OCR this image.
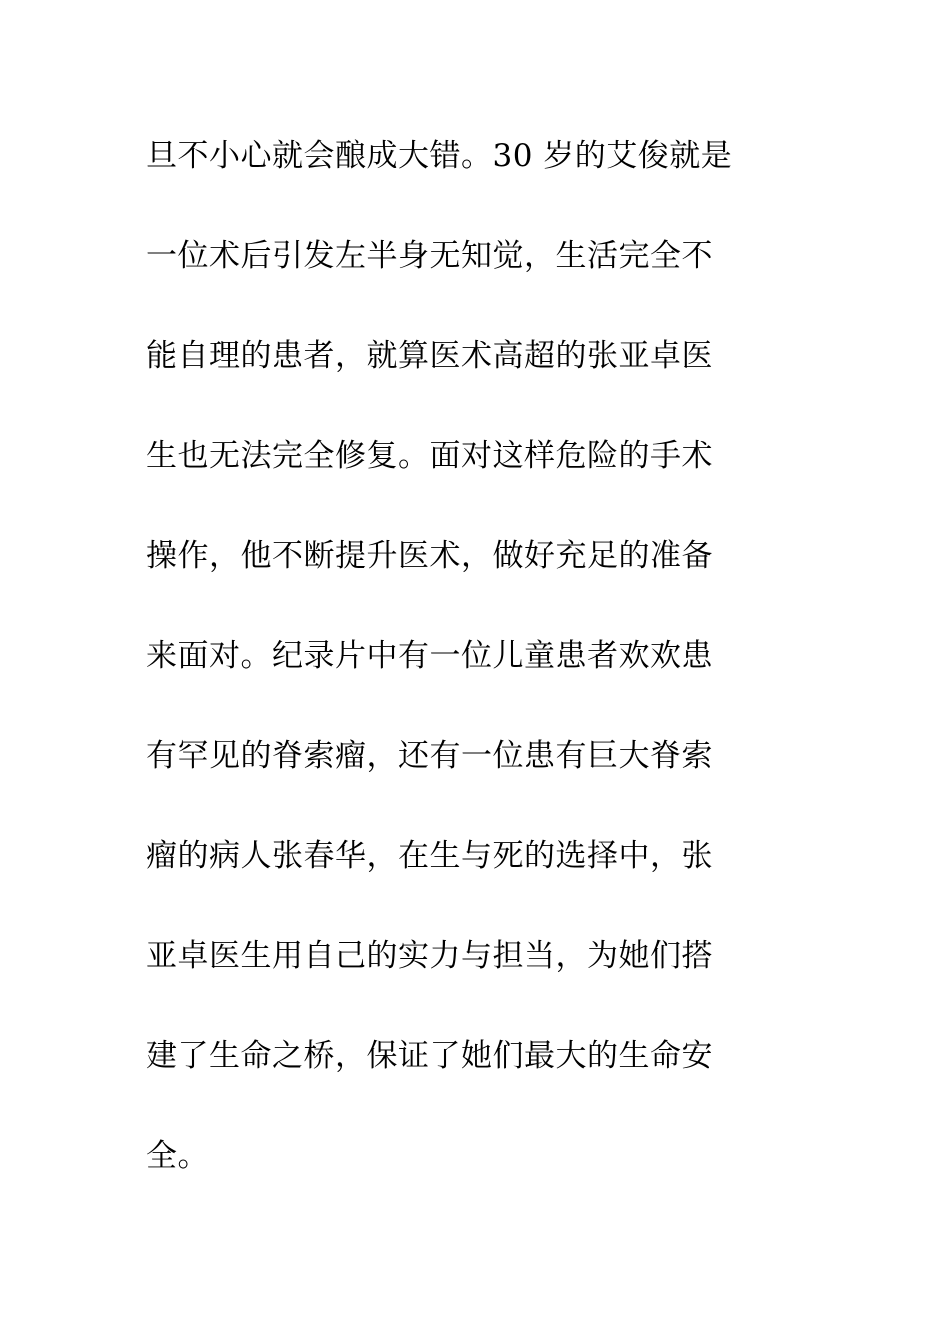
旦不小心就会酿成大错。30 岁的艾俊就是
一位术后引发左半身无知觉，生活完全不
能自理的患者，就算医术高超的张亚卓医
生也无法完全修复。面对这样危险的手术
操作，他不断提升医术，做好充足的准备
来面对。纪录片中有一位儿童患者欢欢患
有罕见的脊索瘤，还有一位患有巨大脊索
瘤的病人张春华，在生与死的选择中，张
亚卓医生用自己的实力与担当，为她们搭
建了生命之桥，保证了她们最大的生命安
全。
